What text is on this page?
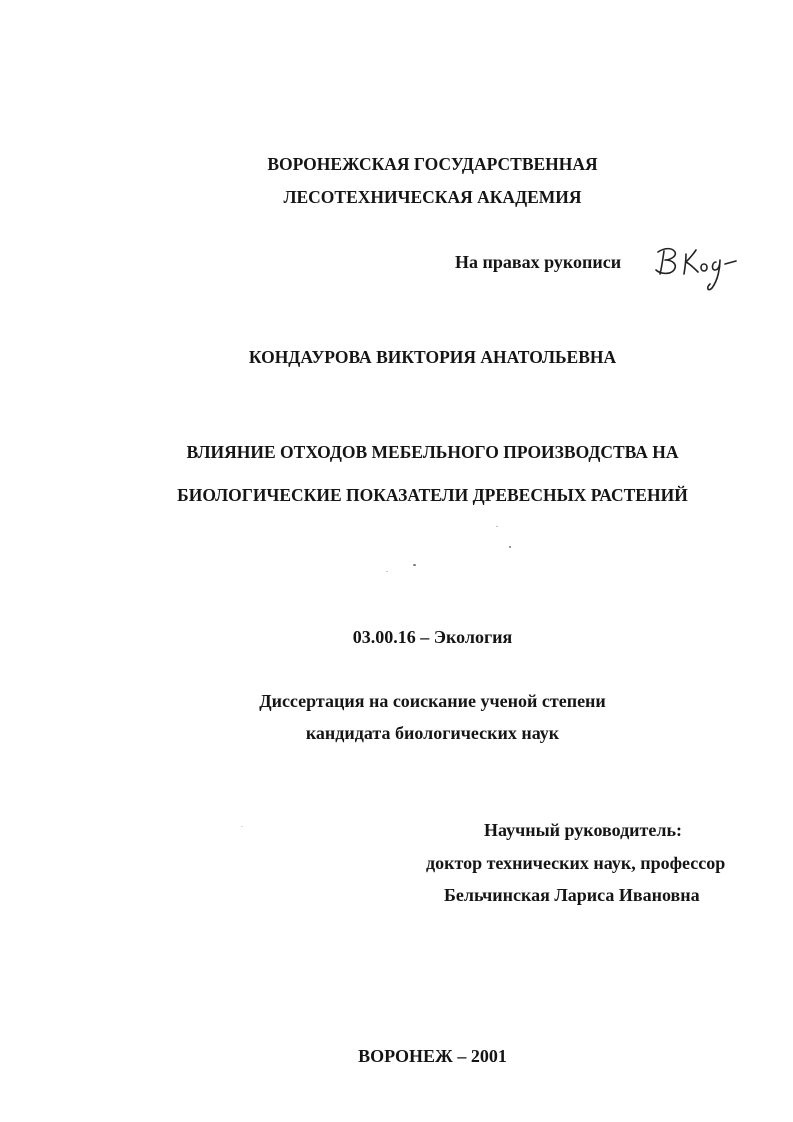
ВОРОНЕЖСКАЯ ГОСУДАРСТВЕННАЯ
ЛЕСОТЕХНИЧЕСКАЯ АКАДЕМИЯ
На правах рукописи
КОНДАУРОВА ВИКТОРИЯ АНАТОЛЬЕВНА
ВЛИЯНИЕ ОТХОДОВ МЕБЕЛЬНОГО ПРОИЗВОДСТВА НА
БИОЛОГИЧЕСКИЕ ПОКАЗАТЕЛИ ДРЕВЕСНЫХ РАСТЕНИЙ
03.00.16 – Экология
Диссертация на соискание ученой степени
кандидата биологических наук
Научный руководитель:
доктор технических наук, профессор
Бельчинская Лариса Ивановна
ВОРОНЕЖ – 2001
